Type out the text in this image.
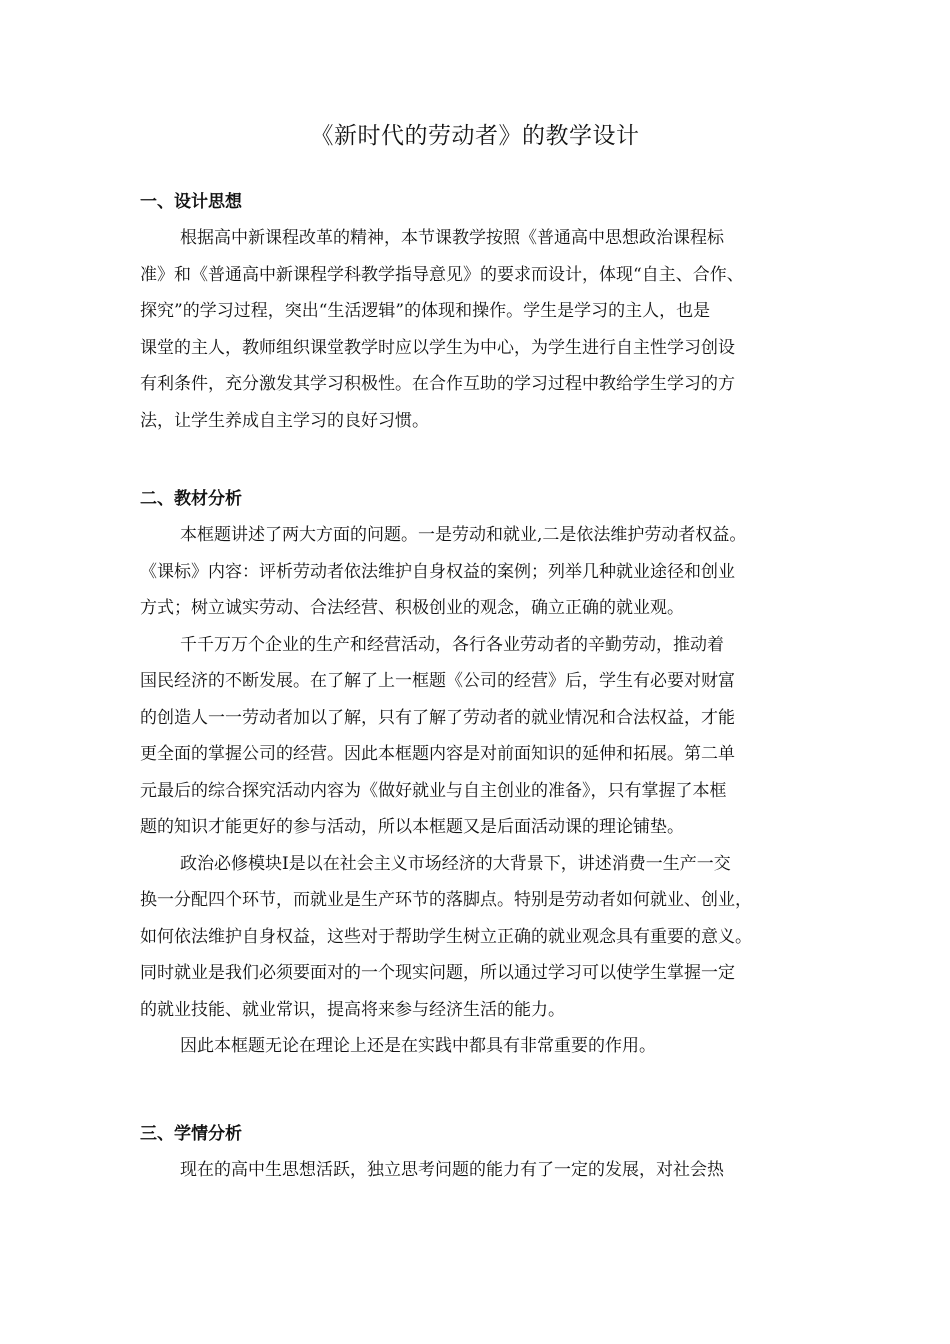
《新时代的劳动者》的教学设计
一、设计思想

根据高中新课程改革的精神，本节课教学按照《普通高中思想政治课程标
准》和《普通高中新课程学科教学指导意见》的要求而设计，体现“自主、合作、
探究”的学习过程，突出“生活逻辑”的体现和操作。学生是学习的主人，也是
课堂的主人，教师组织课堂教学时应以学生为中心，为学生进行自主性学习创设
有利条件，充分激发其学习积极性。在合作互助的学习过程中教给学生学习的方
法，让学生养成自主学习的良好习惯。

二、教材分析

本框题讲述了两大方面的问题。一是劳动和就业,二是依法维护劳动者权益。
《课标》内容：评析劳动者依法维护自身权益的案例；列举几种就业途径和创业
方式；树立诚实劳动、合法经营、积极创业的观念，确立正确的就业观。

千千万万个企业的生产和经营活动，各行各业劳动者的辛勤劳动，推动着
国民经济的不断发展。在了解了上一框题《公司的经营》后，学生有必要对财富
的创造人一一劳动者加以了解，只有了解了劳动者的就业情况和合法权益，才能
更全面的掌握公司的经营。因此本框题内容是对前面知识的延伸和拓展。第二单
元最后的综合探究活动内容为《做好就业与自主创业的准备》，只有掌握了本框
题的知识才能更好的参与活动，所以本框题又是后面活动课的理论铺垫。

政治必修模块Ⅰ是以在社会主义市场经济的大背景下，讲述消费一生产一交
换一分配四个环节，而就业是生产环节的落脚点。特别是劳动者如何就业、创业，
如何依法维护自身权益，这些对于帮助学生树立正确的就业观念具有重要的意义。
同时就业是我们必须要面对的一个现实问题，所以通过学习可以使学生掌握一定
的就业技能、就业常识，提高将来参与经济生活的能力。

因此本框题无论在理论上还是在实践中都具有非常重要的作用。

三、学情分析

现在的高中生思想活跃，独立思考问题的能力有了一定的发展，对社会热
